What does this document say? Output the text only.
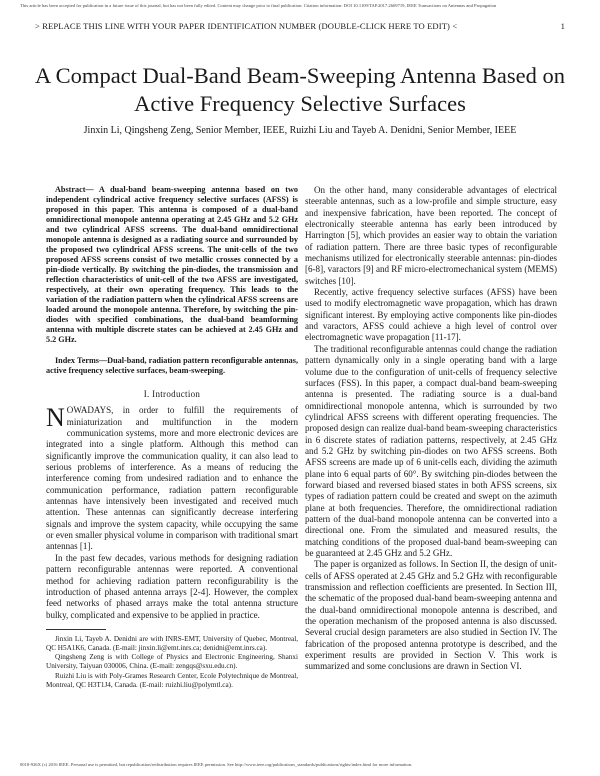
This article has been accepted for publication in a future issue of this journal, but has not been fully edited. Content may change prior to final publication. Citation information: DOI 10.1109/TAP.2017.2669719, IEEE Transactions on Antennas and Propagation
> REPLACE THIS LINE WITH YOUR PAPER IDENTIFICATION NUMBER (DOUBLE-CLICK HERE TO EDIT) <	1
A Compact Dual-Band Beam-Sweeping Antenna Based on Active Frequency Selective Surfaces
Jinxin Li, Qingsheng Zeng, Senior Member, IEEE, Ruizhi Liu and Tayeb A. Denidni, Senior Member, IEEE

Abstract— A dual-band beam-sweeping antenna based on two independent cylindrical active frequency selective surfaces (AFSS) is proposed in this paper. This antenna is composed of a dual-band omnidirectional monopole antenna operating at 2.45 GHz and 5.2 GHz and two cylindrical AFSS screens. The dual-band omnidirectional monopole antenna is designed as a radiating source and surrounded by the proposed two cylindrical AFSS screens. The unit-cells of the two proposed AFSS screens consist of two metallic crosses connected by a pin-diode vertically. By switching the pin-diodes, the transmission and reflection characteristics of unit-cell of the two AFSS are investigated, respectively, at their own operating frequency. This leads to the variation of the radiation pattern when the cylindrical AFSS screens are loaded around the monopole antenna. Therefore, by switching the pin-diodes with specified combinations, the dual-band beamforming antenna with multiple discrete states can be achieved at 2.45 GHz and 5.2 GHz.

Index Terms—Dual-band, radiation pattern reconfigurable antennas, active frequency selective surfaces, beam-sweeping.

I. Introduction

N OWADAYS, in order to fulfill the requirements of miniaturization and multifunction in the modern communication systems, more and more electronic devices are integrated into a single platform. Although this method can significantly improve the communication quality, it can also lead to serious problems of interference. As a means of reducing the interference coming from undesired radiation and to enhance the communication performance, radiation pattern reconfigurable antennas have intensively been investigated and received much attention. These antennas can significantly decrease interfering signals and improve the system capacity, while occupying the same or even smaller physical volume in comparison with traditional smart antennas [1].

In the past few decades, various methods for designing radiation pattern reconfigurable antennas were reported. A conventional method for achieving radiation pattern reconfigurability is the introduction of phased antenna arrays [2-4]. However, the complex feed networks of phased arrays make the total antenna structure bulky, complicated and expensive to be applied in practice.

Jinxin Li, Tayeb A. Denidni are with INRS-EMT, University of Quebec, Montreal, QC H5A1K6, Canada. (E-mail: jinxin.li@emt.inrs.ca; denidni@emt.inrs.ca).

Qingsheng Zeng is with College of Physics and Electronic Engineering, Shanxi University, Taiyuan 030006, China. (E-mail: zengqs@sxu.edu.cn).

Ruizhi Liu is with Poly-Grames Research Center, Ecole Polytechnique de Montreal, Montreal, QC H3T1J4, Canada. (E-mail: ruizhi.liu@polymtl.ca).

On the other hand, many considerable advantages of electrical steerable antennas, such as a low-profile and simple structure, easy and inexpensive fabrication, have been reported. The concept of electronically steerable antenna has early been introduced by Harrington [5], which provides an easier way to obtain the variation of radiation pattern. There are three basic types of reconfigurable mechanisms utilized for electronically steerable antennas: pin-diodes [6-8], varactors [9] and RF micro-electromechanical system (MEMS) switches [10].

Recently, active frequency selective surfaces (AFSS) have been used to modify electromagnetic wave propagation, which has drawn significant interest. By employing active components like pin-diodes and varactors, AFSS could achieve a high level of control over electromagnetic wave propagation [11-17].

The traditional reconfigurable antennas could change the radiation pattern dynamically only in a single operating band with a large volume due to the configuration of unit-cells of frequency selective surfaces (FSS). In this paper, a compact dual-band beam-sweeping antenna is presented. The radiating source is a dual-band omnidirectional monopole antenna, which is surrounded by two cylindrical AFSS screens with different operating frequencies. The proposed design can realize dual-band beam-sweeping characteristics in 6 discrete states of radiation patterns, respectively, at 2.45 GHz and 5.2 GHz by switching pin-diodes on two AFSS screens. Both AFSS screens are made up of 6 unit-cells each, dividing the azimuth plane into 6 equal parts of 60°. By switching pin-diodes between the forward biased and reversed biased states in both AFSS screens, six types of radiation pattern could be created and swept on the azimuth plane at both frequencies. Therefore, the omnidirectional radiation pattern of the dual-band monopole antenna can be converted into a directional one. From the simulated and measured results, the matching conditions of the proposed dual-band beam-sweeping can be guaranteed at 2.45 GHz and 5.2 GHz.

The paper is organized as follows. In Section II, the design of unit-cells of AFSS operated at 2.45 GHz and 5.2 GHz with reconfigurable transmission and reflection coefficients are presented. In Section III, the schematic of the proposed dual-band beam-sweeping antenna and the dual-band omnidirectional monopole antenna is described, and the operation mechanism of the proposed antenna is also discussed. Several crucial design parameters are also studied in Section IV. The fabrication of the proposed antenna prototype is described, and the experiment results are provided in Section V. This work is summarized and some conclusions are drawn in Section VI.

0018-926X (c) 2016 IEEE. Personal use is permitted, but republication/redistribution requires IEEE permission. See http://www.ieee.org/publications_standards/publications/rights/index.html for more information.
